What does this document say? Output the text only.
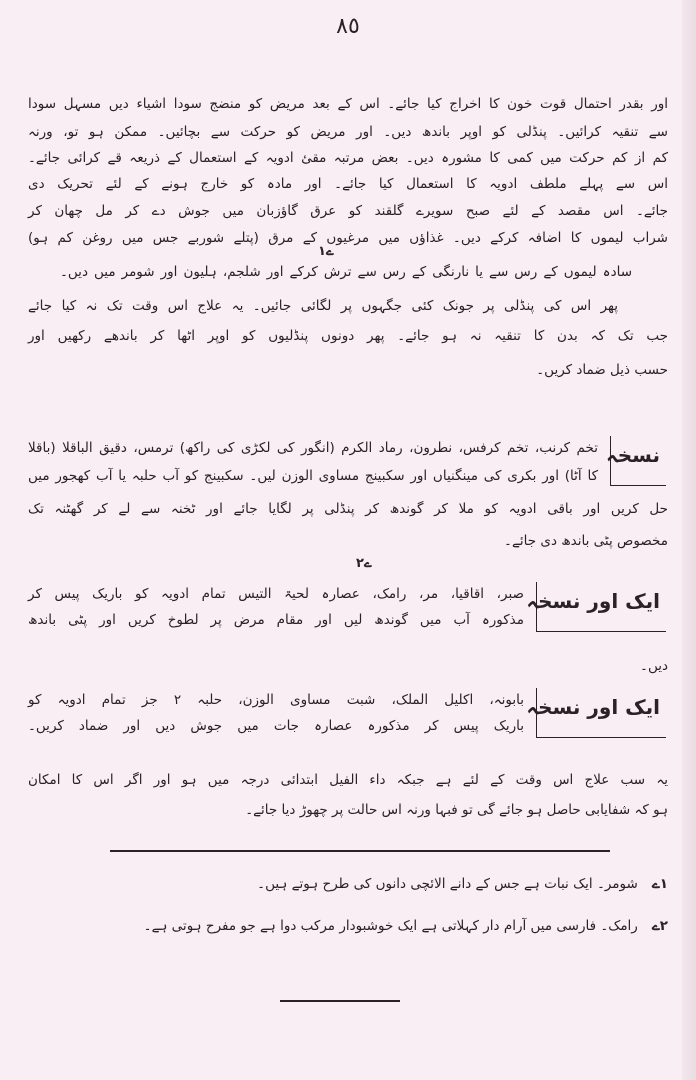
٨٥
اور بقدر احتمال قوت خون کا اخراج کیا جائے۔ اس کے بعد مریض کو منضج سودا اشیاء دیں مسہل سودا
سے تنقیہ کرائیں۔ پنڈلی کو اوپر باندھ دیں۔ اور مریض کو حرکت سے بچائیں۔ ممکن ہو تو، ورنہ
کم از کم حرکت میں کمی کا مشورہ دیں۔ بعض مرتبہ مقئ ادویہ کے استعمال کے ذریعہ قے کرائی جائے۔
اس سے پہلے ملطف ادویہ کا استعمال کیا جائے۔ اور مادہ کو خارج ہونے کے لئے تحریک دی
جائے۔ اس مقصد کے لئے صبح سویرے گلقند کو عرق گاؤزبان میں جوش دے کر مل چھان کر
شراب لیموں کا اضافہ کرکے دیں۔ غذاؤں میں مرغیوں کے مرق (پتلے شوربے جس میں روغن کم ہو)
۱ے
سادہ لیموں کے رس سے یا نارنگی کے رس سے ترش کرکے اور شلجم، ہلیون اور شومر میں دیں۔
پھر اس کی پنڈلی پر جونک کئی جگہوں پر لگائی جائیں۔ یہ علاج اس وقت تک نہ کیا جائے
جب تک کہ بدن کا تنقیہ نہ ہو جائے۔ پھر دونوں پنڈلیوں کو اوپر اٹھا کر باندھے رکھیں اور
حسب ذیل ضماد کریں۔
نسخہ
تخم کرنب، تخم کرفس، نطرون، رماد الکرم (انگور کی لکڑی کی راکھ) ترمس، دقیق الباقلا (باقلا
کا آٹا) اور بکری کی مینگنیاں اور سکبینج مساوی الوزن لیں۔ سکبینج کو آب حلبہ یا آب کھجور میں
حل کریں اور باقی ادویہ کو ملا کر گوندھ کر پنڈلی پر لگایا جائے اور ٹخنہ سے لے کر گھٹنہ تک
مخصوص پٹی باندھ دی جائے۔
۲ے
ایک اور نسخہ
صبر، اقاقیا، مر، رامک، عصارہ لحیۃ التیس تمام ادویہ کو باریک پیس کر
مذکورہ آب میں گوندھ لیں اور مقام مرض پر لطوخ کریں اور پٹی باندھ
دیں۔
ایک اور نسخہ
بابونہ، اکلیل الملک، شبت مساوی الوزن، حلبہ ۲ جز تمام ادویہ کو
باریک پیس کر مذکورہ عصارہ جات میں جوش دیں اور ضماد کریں۔
یہ سب علاج اس وقت کے لئے ہے جبکہ داء الفیل ابتدائی درجہ میں ہو اور اگر اس کا امکان
ہو کہ شفایابی حاصل ہو جائے گی تو فبہا ورنہ اس حالت پر چھوڑ دیا جائے۔
۱ےشومر۔ ایک نبات ہے جس کے دانے الائچی دانوں کی طرح ہوتے ہیں۔
۲ےرامک۔ فارسی میں آرام دار کہلاتی ہے ایک خوشبودار مرکب دوا ہے جو مفرح ہوتی ہے۔
